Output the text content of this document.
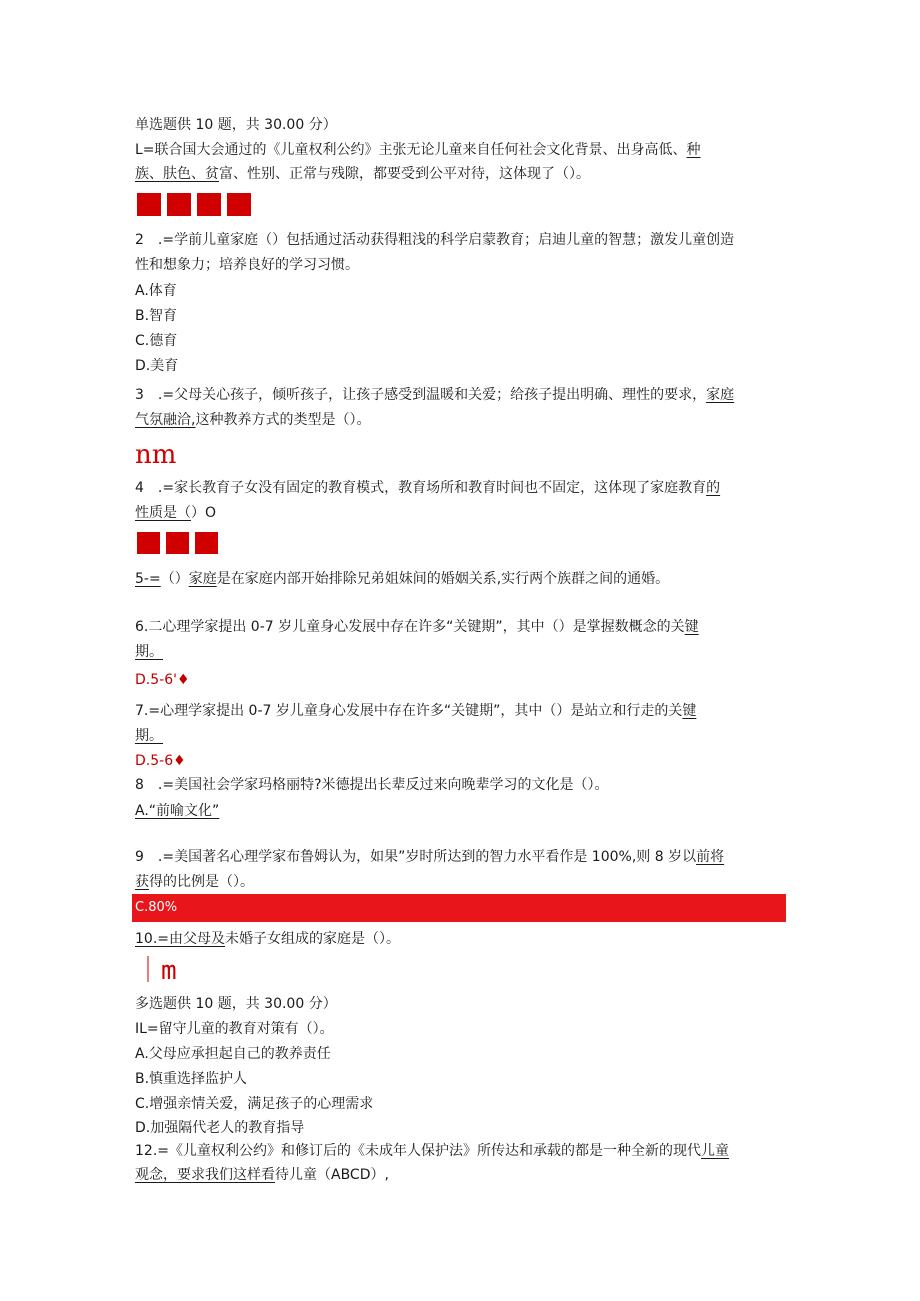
单选题供 10 题，共 30.00 分）
L=联合国大会通过的《儿童权利公约》主张无论儿童来自任何社会文化背景、出身高低、种
族、肤色、贫富、性别、正常与残隙，都要受到公平对待，这体现了（）。
2　.=学前儿童家庭（）包括通过活动获得粗浅的科学启蒙教育；启迪儿童的智慧；激发儿童创造
性和想象力；培养良好的学习习惯。
A.体育
B.智育
C.德育
D.美育
3　.=父母关心孩子，倾听孩子，让孩子感受到温暖和关爱；给孩子提出明确、理性的要求，家庭
气氛融洽,这种教养方式的类型是（）。
nm
4　.=家长教育子女没有固定的教育模式，教育场所和教育时间也不固定，这体现了家庭教育的
性质是（）O
5-=（）家庭是在家庭内部开始排除兄弟姐妹间的婚姻关系,实行两个族群之间的通婚。
6.二心理学家提出 0-7 岁儿童身心发展中存在许多“关键期”，其中（）是掌握数概念的关键
期。
D.5-6'♦
7.=心理学家提出 0-7 岁儿童身心发展中存在许多“关键期”，其中（）是站立和行走的关键
期。
D.5-6♦
8　.=美国社会学家玛格丽特?米德提出长辈反过来向晚辈学习的文化是（）。
A.“前喻文化”
9　.=美国著名心理学家布鲁姆认为，如果”岁时所达到的智力水平看作是 100%,则 8 岁以前将
获得的比例是（）。
C.80%
10.=由父母及未婚子女组成的家庭是（）。
｜m
多选题供 10 题，共 30.00 分）
IL=留守儿童的教育对策有（）。
A.父母应承担起自己的教养责任
B.慎重选择监护人
C.增强亲情关爱，满足孩子的心理需求
D.加强隔代老人的教育指导
12.=《儿童权利公约》和修订后的《未成年人保护法》所传达和承载的都是一种全新的现代儿童
观念，要求我们这样看待儿童（ABCD）,
